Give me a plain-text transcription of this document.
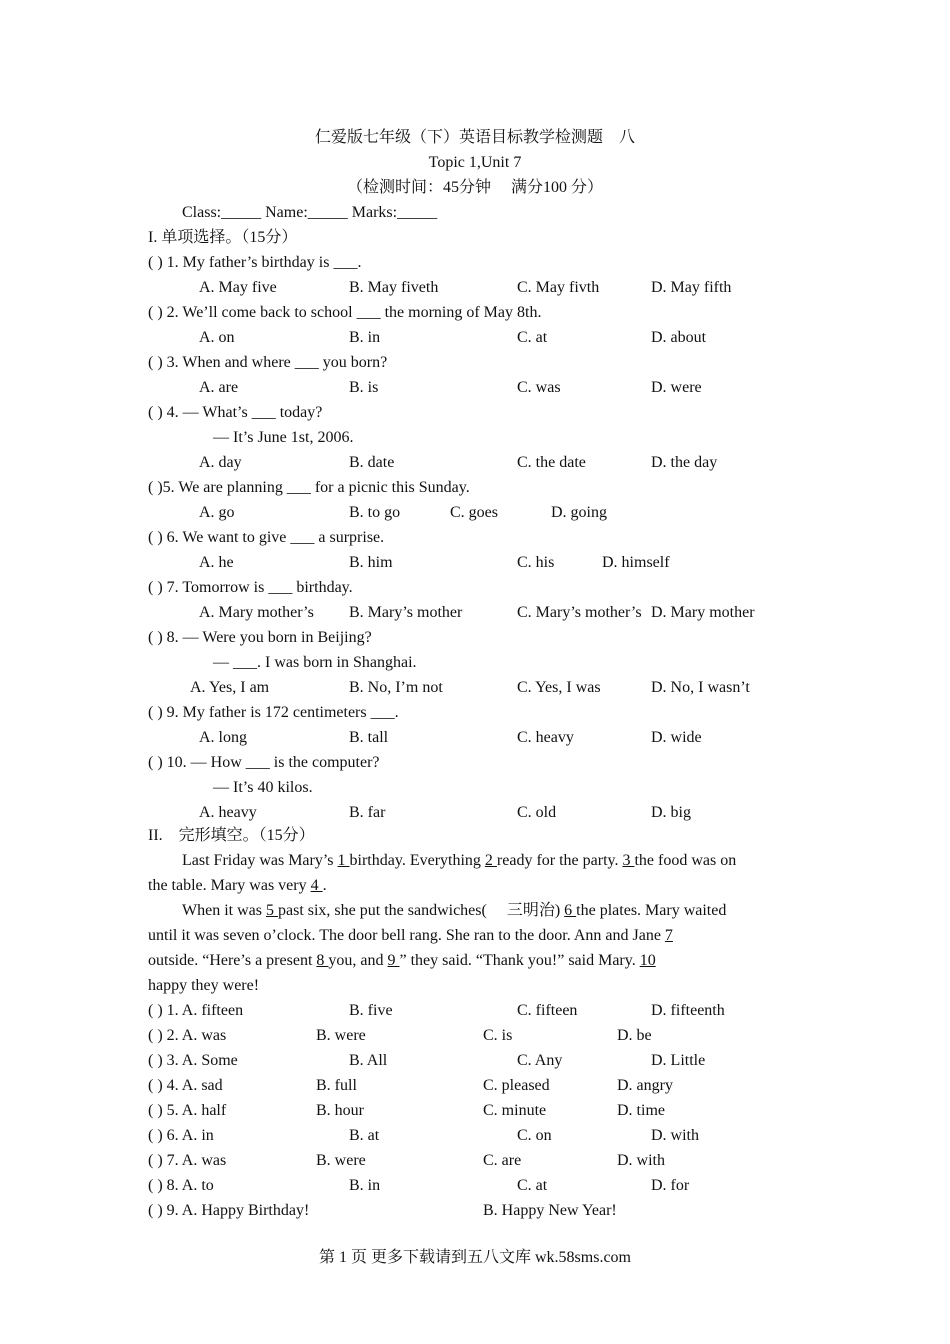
仁爱版七年级（下）英语目标教学检测题　八
Topic 1,Unit 7
（检测时间：45分钟　 满分100 分）
Class:_____ Name:_____ Marks:_____
I. 单项选择。（15分）
( ) 1. My father’s birthday is ___.
A. May five	B. May fiveth	C. May fivth	D. May fifth
( ) 2. We’ll come back to school ___ the morning of May 8th.
A. on	B. in	C. at	D. about
( ) 3. When and where ___ you born?
A. are	B. is	C. was	D. were
( ) 4. — What’s ___ today?
— It’s June 1st, 2006.
A. day	B. date	C. the date	D. the day
( )5. We are planning ___ for a picnic this Sunday.
A. go	B. to go	C. goes	D. going
( ) 6. We want to give ___ a surprise.
A. he	B. him	C. his	D. himself
( ) 7. Tomorrow is ___ birthday.
A. Mary mother’s B. Mary’s mother	C. Mary’s mother’s D. Mary mother
( ) 8. — Were you born in Beijing?
— ___. I was born in Shanghai.
A. Yes, I am	B. No, I’m not	C. Yes, I was	D. No, I wasn’t
( ) 9. My father is 172 centimeters ___.
A. long	B. tall	C. heavy	D. wide
( ) 10. — How ___ is the computer?
— It’s 40 kilos.
A. heavy	B. far	C. old	D. big
II.　完形填空。（15分）
Last Friday was Mary’s 1 birthday. Everything 2 ready for the party. 3 the food was on
the table. Mary was very 4 .
When it was 5 past six, she put the sandwiches(　 三明治) 6 the plates. Mary waited
until it was seven o’clock. The door bell rang. She ran to the door. Ann and Jane 7
outside. “Here’s a present 8 you, and 9 ” they said. “Thank you!” said Mary. 10
happy they were!
( ) 1. A. fifteen	B. five	C. fifteen	D. fifteenth
( ) 2. A. was	B. were	C. is	D. be
( ) 3. A. Some	B. All	C. Any	D. Little
( ) 4. A. sad	B. full	C. pleased	D. angry
( ) 5. A. half	B. hour	C. minute	D. time
( ) 6. A. in	B. at	C. on	D. with
( ) 7. A. was	B. were	C. are	D. with
( ) 8. A. to	B. in	C. at	D. for
( ) 9. A. Happy Birthday!	B. Happy New Year!
第 1 页 更多下载请到五八文库 wk.58sms.com
